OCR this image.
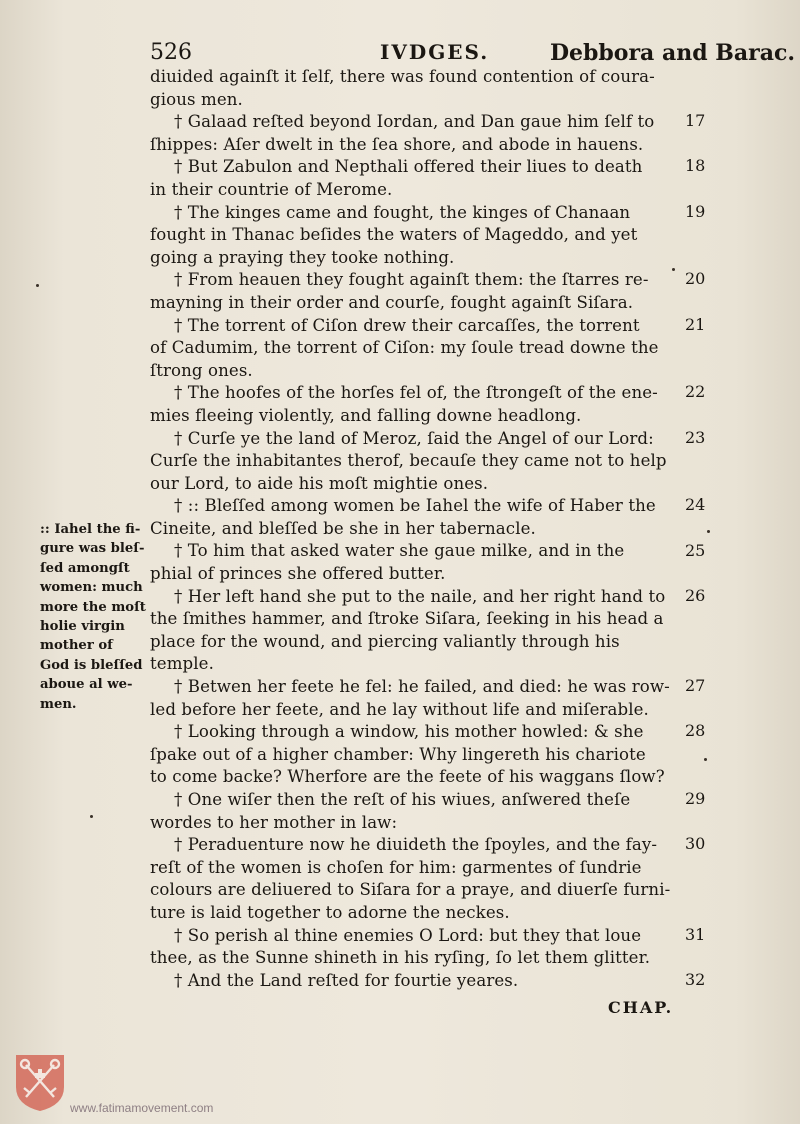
526	IVDGES.	Debbora and Barac.
diuided againſt it ſelf, there was found contention of coura-
gious men.
† Galaad reſted beyond Iordan, and Dan gaue him ſelf to
ſhippes: Aſer dwelt in the ſea shore, and abode in hauens.
† But Zabulon and Nepthali offered their liues to death
in their countrie of Merome.
† The kinges came and fought, the kinges of Chanaan
fought in Thanac beſides the waters of Mageddo, and yet
going a praying they tooke nothing.
† From heauen they fought againſt them: the ſtarres re-
mayning in their order and courſe, fought againſt Siſara.
† The torrent of Ciſon drew their carcaſſes, the torrent
of Cadumim, the torrent of Ciſon: my ſoule tread downe the
ſtrong ones.
† The hoofes of the horſes fel of, the ſtrongeſt of the ene-
mies fleeing violently, and falling downe headlong.
† Curſe ye the land of Meroz, ſaid the Angel of our Lord:
Curſe the inhabitantes therof, becauſe they came not to help
our Lord, to aide his moſt mightie ones.
† :: Bleſſed among women be Iahel the wife of Haber the
Cineite, and bleſſed be she in her tabernacle.
† To him that asked water she gaue milke, and in the
phial of princes she offered butter.
† Her left hand she put to the naile, and her right hand to
the ſmithes hammer, and ſtroke Siſara, ſeeking in his head a
place for the wound, and piercing valiantly through his
temple.
† Betwen her feete he fel: he failed, and died: he was row-
led before her feete, and he lay without life and miſerable.
† Looking through a window, his mother howled: & she
ſpake out of a higher chamber: Why lingereth his chariote
to come backe? Wherfore are the feete of his waggans ſlow?
† One wiſer then the reſt of his wiues, anſwered theſe
wordes to her mother in law:
† Peraduenture now he diuideth the ſpoyles, and the fay-
reſt of the women is choſen for him: garmentes of ſundrie
colours are deliuered to Siſara for a praye, and diuerſe furni-
ture is laid together to adorne the neckes.
† So perish al thine enemies O Lord: but they that loue
thee, as the Sunne shineth in his ryſing, ſo let them glitter.
† And the Land reſted for fourtie yeares.
17
18
19
20
21
22
23
24
25
26
27
28
29
30
31
32
:: Iahel the fi-
gure was bleſ-
ſed amongſt
women: much
more the moſt
holie virgin
mother of
God is bleſſed
aboue al we-
men.
CHAP.
www.fatimamovement.com
